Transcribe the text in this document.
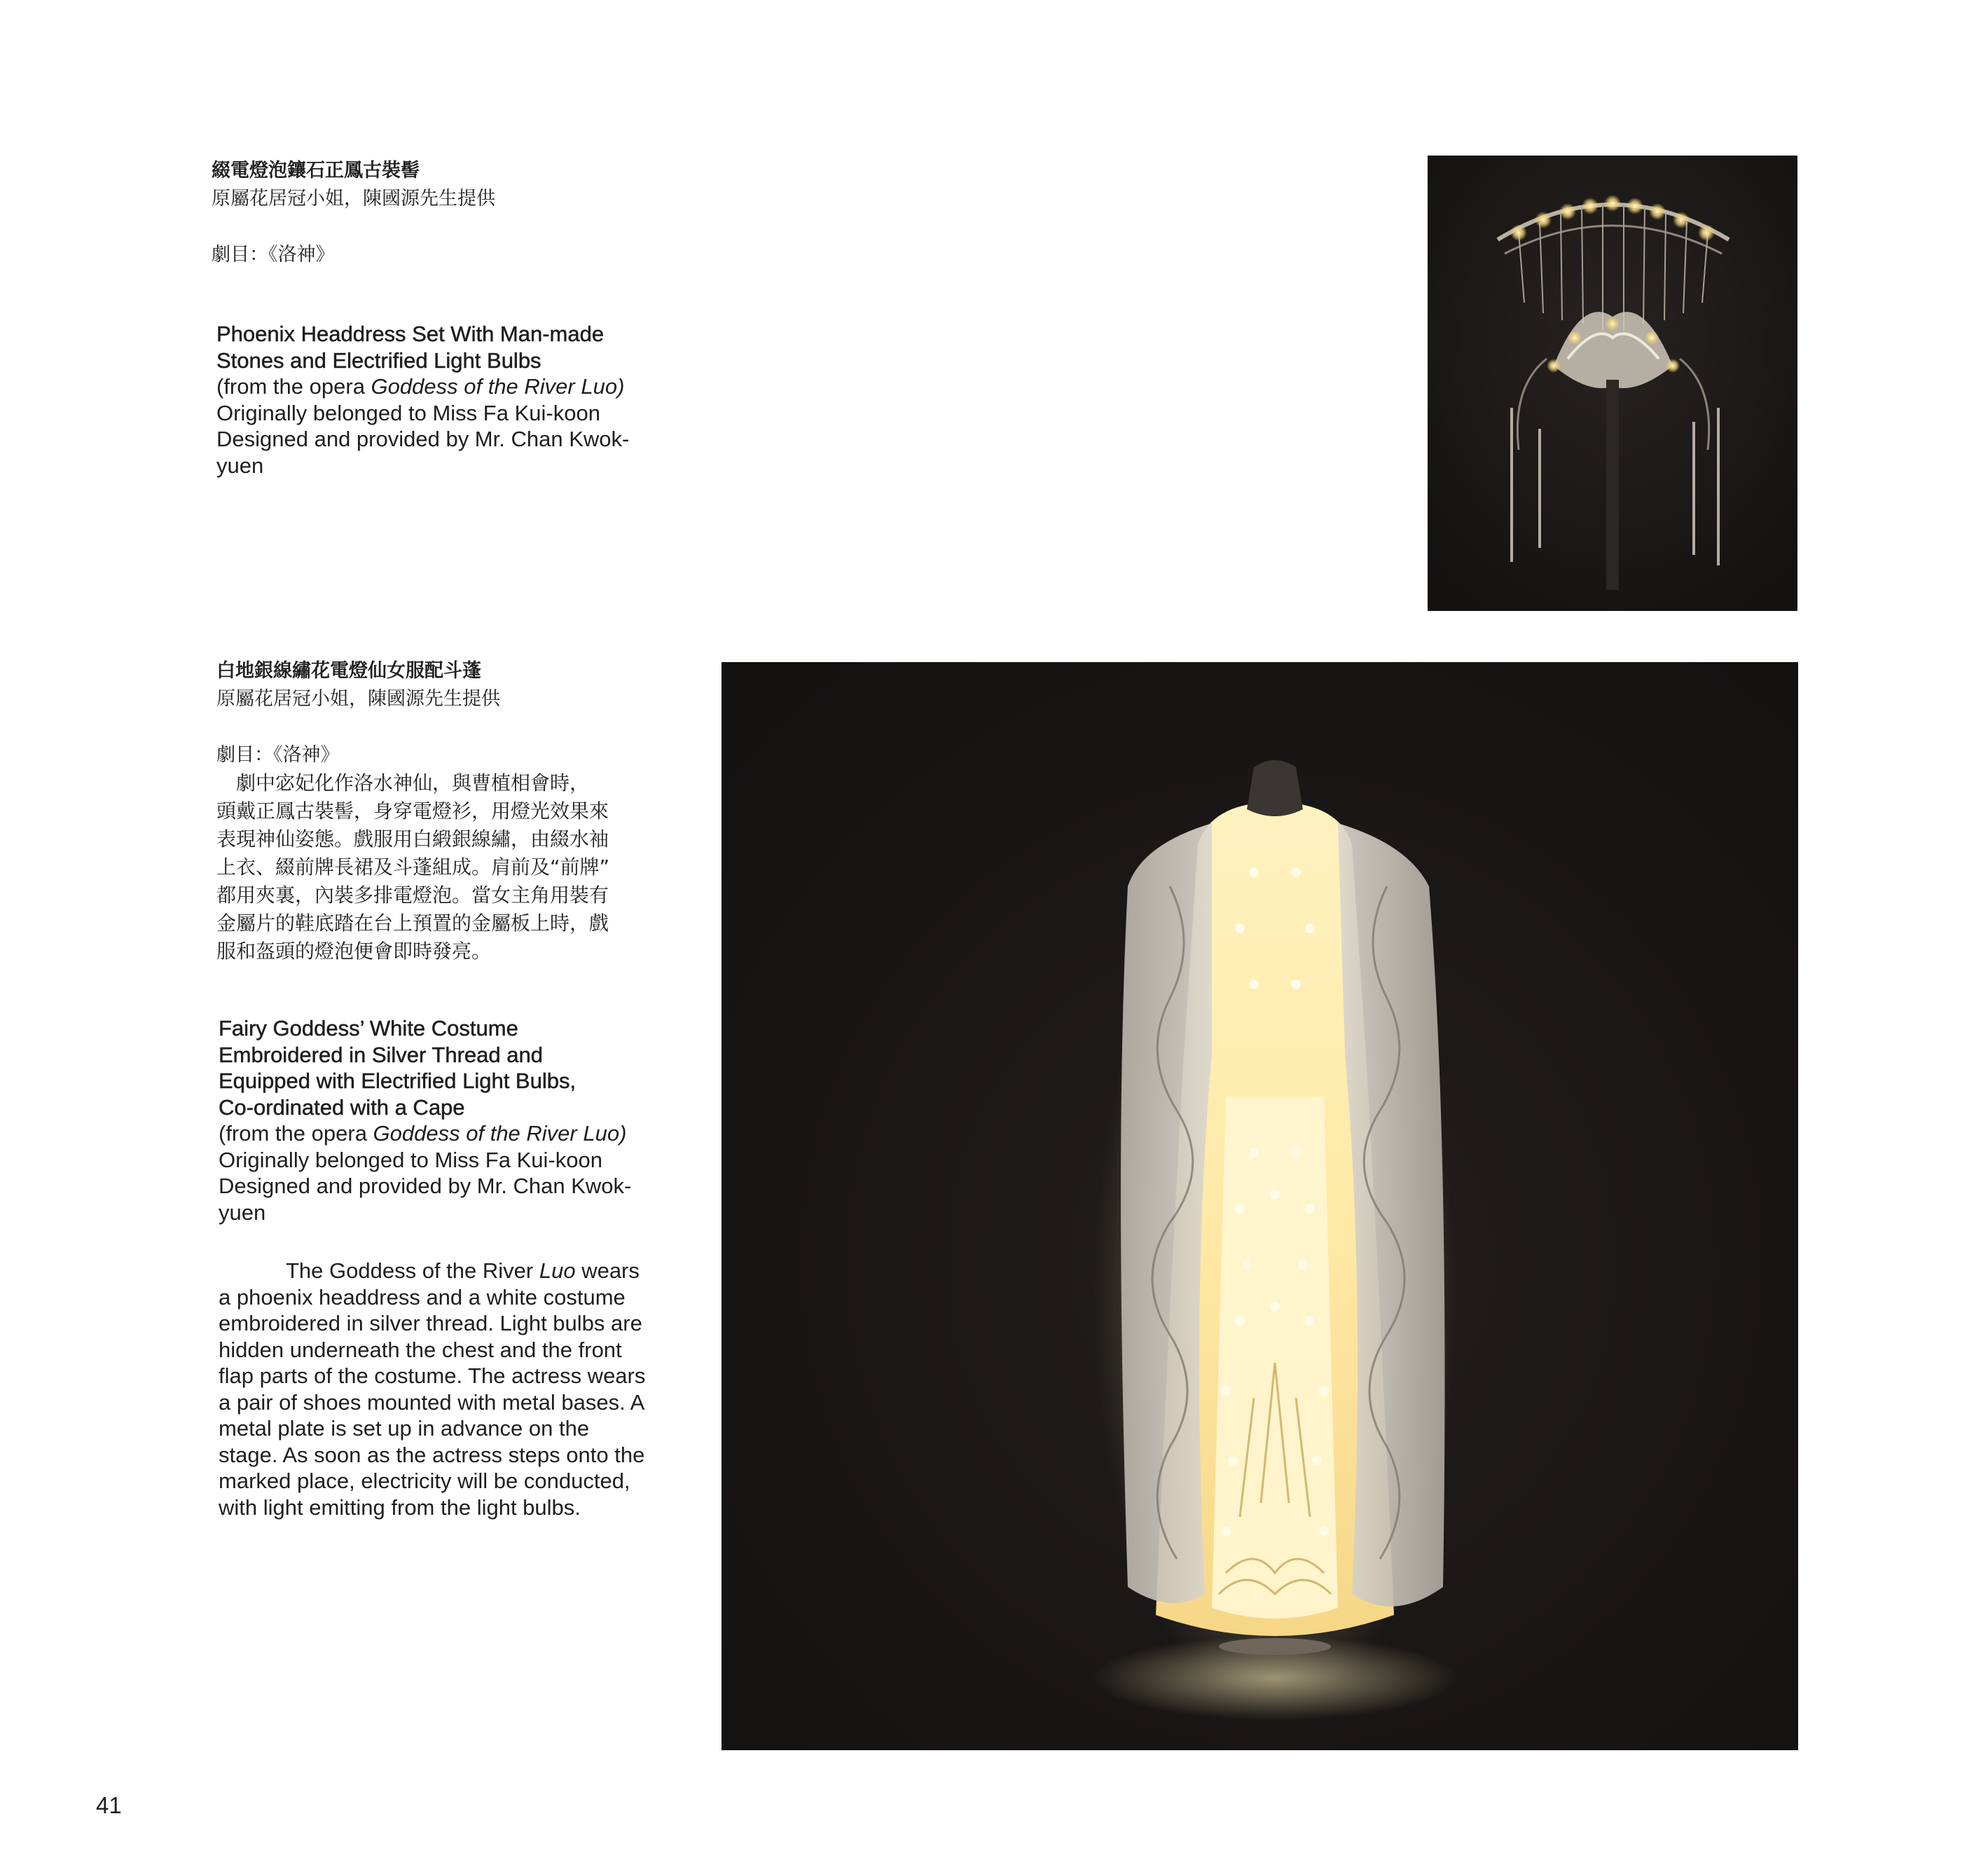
綴電燈泡鑲石正鳳古裝髻

原屬花居冠小姐，陳國源先生提供

劇目：《洛神》

Phoenix Headdress Set With Man-made

Stones and Electrified Light Bulbs

(from the opera Goddess of the River Luo)

Originally belonged to Miss Fa Kui-koon

Designed and provided by Mr. Chan Kwok-

yuen

白地銀線繡花電燈仙女服配斗蓬

原屬花居冠小姐，陳國源先生提供

劇目：《洛神》

　劇中宓妃化作洛水神仙，與曹植相會時，
頭戴正鳳古裝髻，身穿電燈衫，用燈光效果來
表現神仙姿態。戲服用白緞銀線繡，由綴水袖
上衣、綴前牌長裙及斗蓬組成。肩前及“前牌”
都用夾裏，內裝多排電燈泡。當女主角用裝有
金屬片的鞋底踏在台上預置的金屬板上時，戲
服和盔頭的燈泡便會即時發亮。

Fairy Goddess’ White Costume

Embroidered in Silver Thread and

Equipped with Electrified Light Bulbs,

Co-ordinated with a Cape

(from the opera Goddess of the River Luo)

Originally belonged to Miss Fa Kui-koon

Designed and provided by Mr. Chan Kwok-

yuen

The Goddess of the River Luo wears
a phoenix headdress and a white costume
embroidered in silver thread. Light bulbs are
hidden underneath the chest and the front
flap parts of the costume. The actress wears
a pair of shoes mounted with metal bases. A
metal plate is set up in advance on the
stage. As soon as the actress steps onto the
marked place, electricity will be conducted,
with light emitting from the light bulbs.
41
